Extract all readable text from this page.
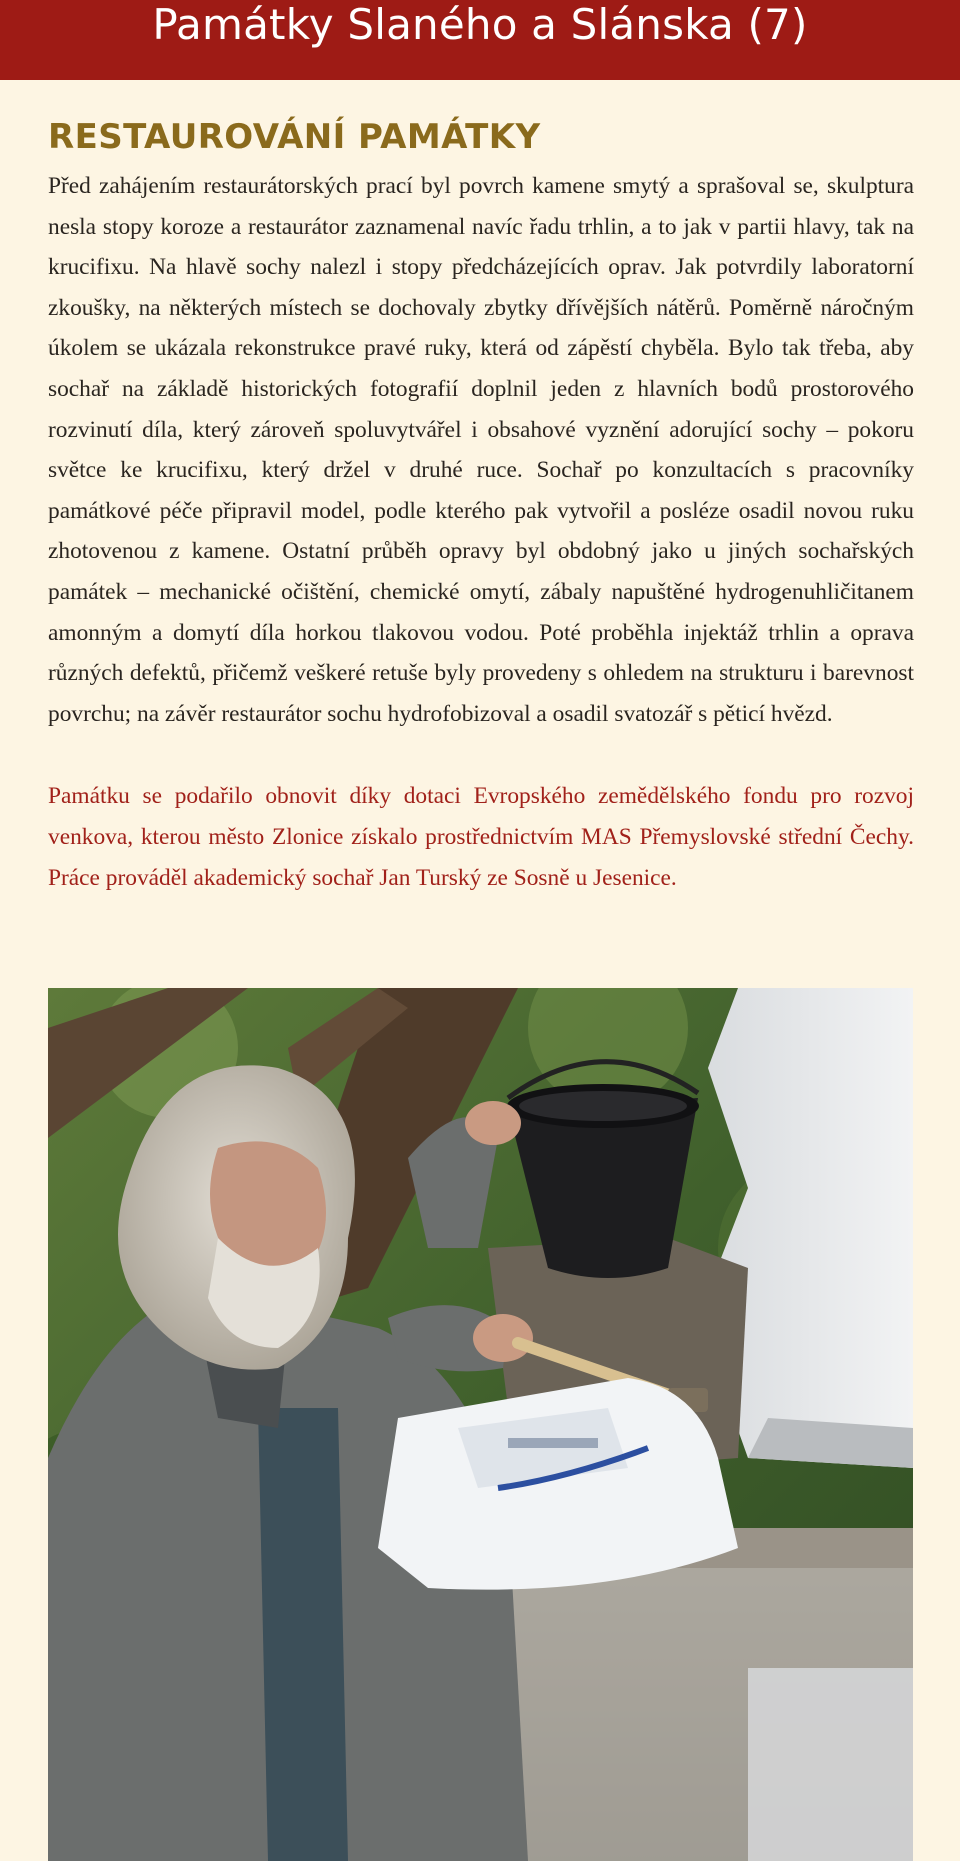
Památky Slaného a Slánska (7)
RESTAUROVÁNÍ PAMÁTKY

Před zahájením restaurátorských prací byl povrch kamene smytý a sprašoval se, skulptura nesla stopy koroze a restaurátor zaznamenal navíc řadu trhlin, a to jak v partii hlavy, tak na krucifixu. Na hlavě sochy nalezl i stopy předcházejících oprav. Jak potvrdily laboratorní zkoušky, na některých místech se dochovaly zbytky dřívějších nátěrů. Poměrně náročným úkolem se ukázala rekonstrukce pravé ruky, která od zápěstí chyběla. Bylo tak třeba, aby sochař na základě historických fotografií doplnil jeden z hlavních bodů prostorového rozvinutí díla, který zároveň spoluvytvářel i obsahové vyznění adorující sochy – pokoru světce ke krucifixu, který držel v druhé ruce. Sochař po konzultacích s pracovníky památkové péče připravil model, podle kterého pak vytvořil a posléze osadil novou ruku zhotovenou z kamene. Ostatní průběh opravy byl obdobný jako u jiných sochařských památek – mechanické očištění, chemické omytí, zábaly napuštěné hydrogenuhličitanem amonným a domytí díla horkou tlakovou vodou. Poté proběhla injektáž trhlin a oprava různých defektů, přičemž veškeré retuše byly provedeny s ohledem na strukturu i barevnost povrchu; na závěr restaurátor sochu hydrofobizoval a osadil svatozář s pěticí hvězd.

Památku se podařilo obnovit díky dotaci Evropského zemědělského fondu pro rozvoj venkova, kterou město Zlonice získalo prostřednictvím MAS Přemyslovské střední Čechy. Práce prováděl akademický sochař Jan Turský ze Sosně u Jesenice.
